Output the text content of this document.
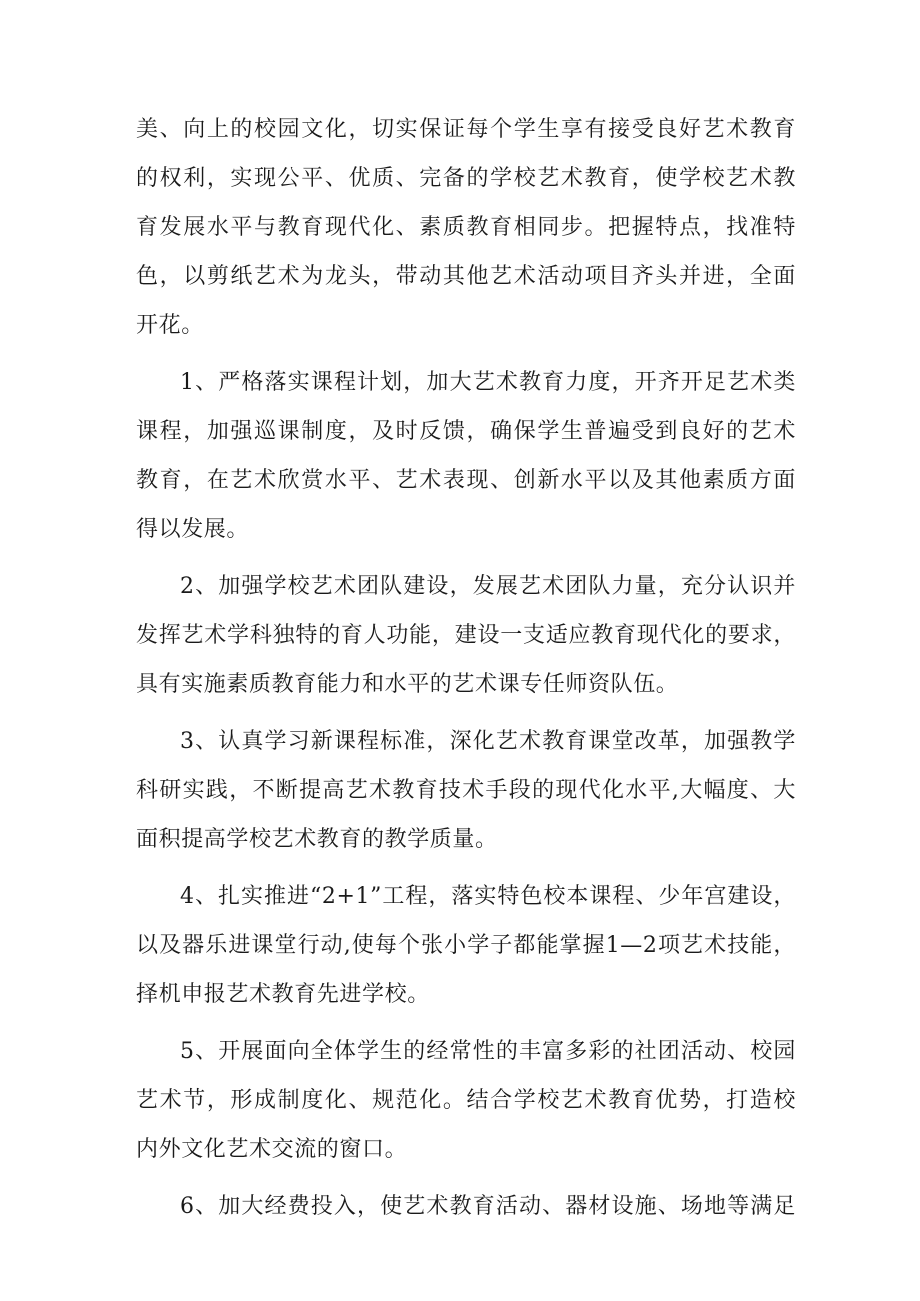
美、向上的校园文化，切实保证每个学生享有接受良好艺术教育
的权利，实现公平、优质、完备的学校艺术教育，使学校艺术教
育发展水平与教育现代化、素质教育相同步。把握特点，找准特
色，以剪纸艺术为龙头，带动其他艺术活动项目齐头并进，全面
开花。
1、严格落实课程计划，加大艺术教育力度，开齐开足艺术类
课程，加强巡课制度，及时反馈，确保学生普遍受到良好的艺术
教育，在艺术欣赏水平、艺术表现、创新水平以及其他素质方面
得以发展。
2、加强学校艺术团队建设，发展艺术团队力量，充分认识并
发挥艺术学科独特的育人功能，建设一支适应教育现代化的要求，
具有实施素质教育能力和水平的艺术课专任师资队伍。
3、认真学习新课程标准，深化艺术教育课堂改革，加强教学
科研实践，不断提高艺术教育技术手段的现代化水平,大幅度、大
面积提高学校艺术教育的教学质量。
4、扎实推进“2+1”工程，落实特色校本课程、少年宫建设，
以及器乐进课堂行动,使每个张小学子都能掌握1—2项艺术技能，
择机申报艺术教育先进学校。
5、开展面向全体学生的经常性的丰富多彩的社团活动、校园
艺术节，形成制度化、规范化。结合学校艺术教育优势，打造校
内外文化艺术交流的窗口。
6、加大经费投入，使艺术教育活动、器材设施、场地等满足
